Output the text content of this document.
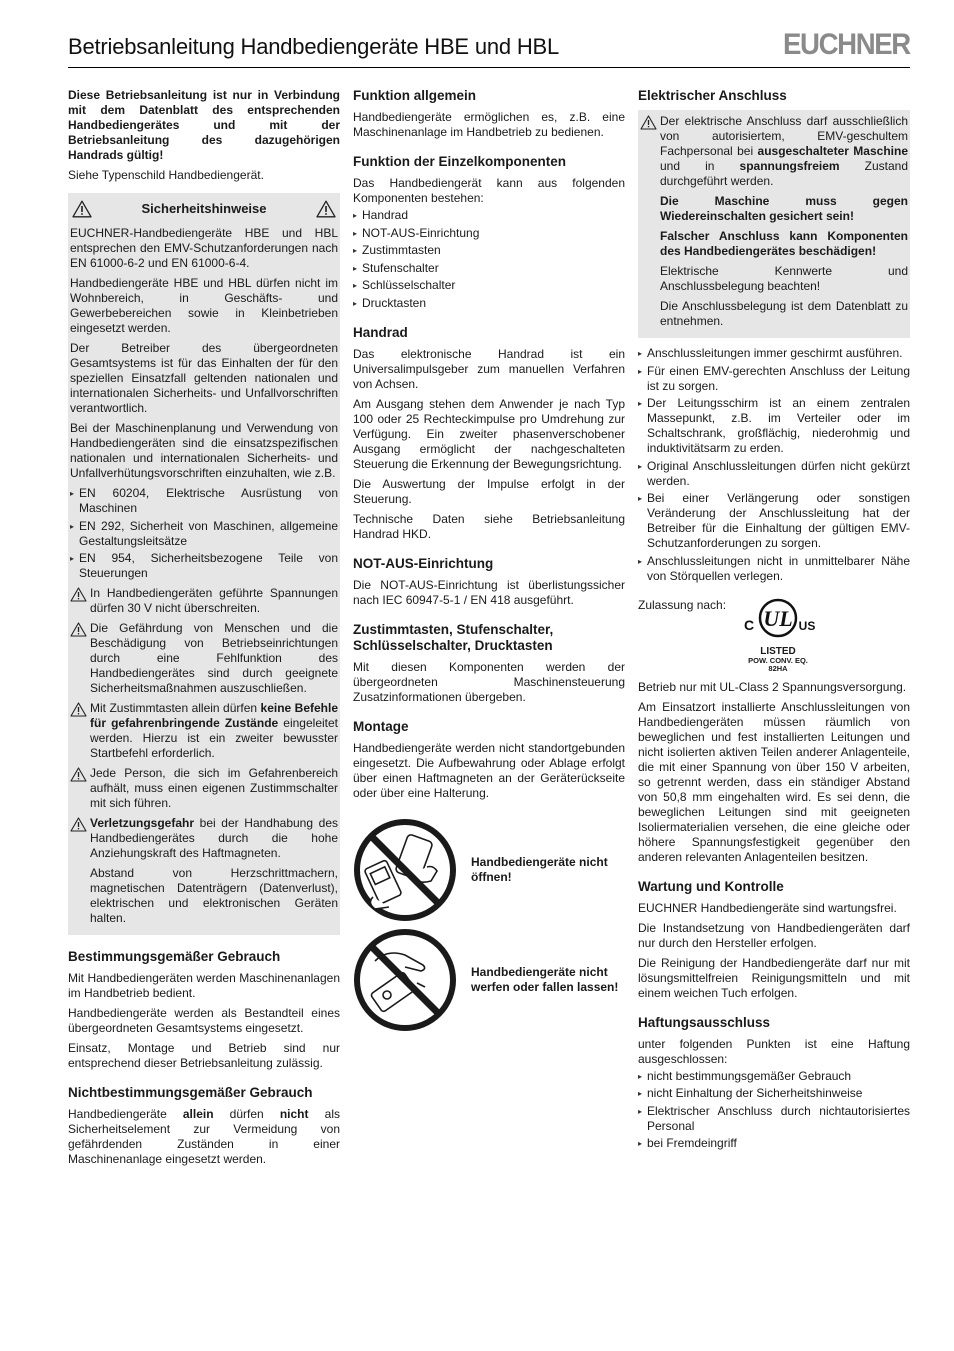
Betriebsanleitung Handbediengeräte HBE und HBL	EUCHNER

Diese Betriebsanleitung ist nur in Verbindung mit dem Datenblatt des entsprechenden Handbediengerätes und mit der Betriebsanleitung des dazugehörigen Handrads gültig!

Siehe Typenschild Handbediengerät.

Sicherheitshinweise

EUCHNER-Handbediengeräte HBE und HBL entsprechen den EMV-Schutzanforderungen nach EN 61000-6-2 und EN 61000-6-4.

Handbediengeräte HBE und HBL dürfen nicht im Wohnbereich, in Geschäfts- und Gewerbebereichen sowie in Kleinbetrieben eingesetzt werden.

Der Betreiber des übergeordneten Gesamtsystems ist für das Einhalten der für den speziellen Einsatzfall geltenden nationalen und internationalen Sicherheits- und Unfallvorschriften verantwortlich.

Bei der Maschinenplanung und Verwendung von Handbediengeräten sind die einsatzspezifischen nationalen und internationalen Sicherheits- und Unfallverhütungsvorschriften einzuhalten, wie z.B.

▸ EN 60204, Elektrische Ausrüstung von Maschinen
▸ EN 292, Sicherheit von Maschinen, allgemeine Gestaltungsleitsätze
▸ EN 954, Sicherheitsbezogene Teile von Steuerungen
In Handbediengeräten geführte Spannungen dürfen 30 V nicht überschreiten.
Die Gefährdung von Menschen und die Beschädigung von Betriebseinrichtungen durch eine Fehlfunktion des Handbediengerätes sind durch geeignete Sicherheitsmaßnahmen auszuschließen.
Mit Zustimmtasten allein dürfen keine Befehle für gefahrenbringende Zustände eingeleitet werden. Hierzu ist ein zweiter bewusster Startbefehl erforderlich.
Jede Person, die sich im Gefahrenbereich aufhält, muss einen eigenen Zustimmschalter mit sich führen.
Verletzungsgefahr bei der Handhabung des Handbediengerätes durch die hohe Anziehungskraft des Haftmagneten.
Abstand von Herzschrittmachern, magnetischen Datenträgern (Datenverlust), elektrischen und elektronischen Geräten halten.
Bestimmungsgemäßer Gebrauch

Mit Handbediengeräten werden Maschinenanlagen im Handbetrieb bedient.

Handbediengeräte werden als Bestandteil eines übergeordneten Gesamtsystems eingesetzt.

Einsatz, Montage und Betrieb sind nur entsprechend dieser Betriebsanleitung zulässig.

Nichtbestimmungsgemäßer Gebrauch

Handbediengeräte allein dürfen nicht als Sicherheitselement zur Vermeidung von gefährdenden Zuständen in einer Maschinenanlage eingesetzt werden.

Funktion allgemein

Handbediengeräte ermöglichen es, z.B. eine Maschinenanlage im Handbetrieb zu bedienen.

Funktion der Einzelkomponenten

Das Handbediengerät kann aus folgenden Komponenten bestehen:

▸ Handrad
▸ NOT-AUS-Einrichtung
▸ Zustimmtasten
▸ Stufenschalter
▸ Schlüsselschalter
▸ Drucktasten
Handrad

Das elektronische Handrad ist ein Universalimpulsgeber zum manuellen Verfahren von Achsen.

Am Ausgang stehen dem Anwender je nach Typ 100 oder 25 Rechteckimpulse pro Umdrehung zur Verfügung. Ein zweiter phasenverschobener Ausgang ermöglicht der nachgeschalteten Steuerung die Erkennung der Bewegungsrichtung.

Die Auswertung der Impulse erfolgt in der Steuerung.

Technische Daten siehe Betriebsanleitung Handrad HKD.

NOT-AUS-Einrichtung

Die NOT-AUS-Einrichtung ist überlistungssicher nach IEC 60947-5-1 / EN 418 ausgeführt.

Zustimmtasten, Stufenschalter, Schlüsselschalter, Drucktasten

Mit diesen Komponenten werden der übergeordneten Maschinensteuerung Zusatzinformationen übergeben.

Montage

Handbediengeräte werden nicht standortgebunden eingesetzt. Die Aufbewahrung oder Ablage erfolgt über einen Haftmagneten an der Geräterückseite oder über eine Halterung.

Handbediengeräte nicht öffnen!
Handbediengeräte nicht werfen oder fallen lassen!
Elektrischer Anschluss
Der elektrische Anschluss darf ausschließlich von autorisiertem, EMV-geschultem Fachpersonal bei ausgeschalteter Maschine und in spannungsfreiem Zustand durchgeführt werden.

Die Maschine muss gegen Wiedereinschalten gesichert sein!

Falscher Anschluss kann Komponenten des Handbediengerätes beschädigen!

Elektrische Kennwerte und Anschlussbelegung beachten!

Die Anschlussbelegung ist dem Datenblatt zu entnehmen.

▸ Anschlussleitungen immer geschirmt ausführen.
▸ Für einen EMV-gerechten Anschluss der Leitung ist zu sorgen.
▸ Der Leitungsschirm ist an einem zentralen Massepunkt, z.B. im Verteiler oder im Schaltschrank, großflächig, niederohmig und induktivitätsarm zu erden.
▸ Original Anschlussleitungen dürfen nicht gekürzt werden.
▸ Bei einer Verlängerung oder sonstigen Veränderung der Anschlussleitung hat der Betreiber für die Einhaltung der gültigen EMV-Schutzanforderungen zu sorgen.
▸ Anschlussleitungen nicht in unmittelbarer Nähe von Störquellen verlegen.
Zulassung nach:
UL
C	US
LISTED
POW. CONV. EQ.
82HA

Betrieb nur mit UL-Class 2 Spannungsversorgung.

Am Einsatzort installierte Anschlussleitungen von Handbediengeräten müssen räumlich von beweglichen und fest installierten Leitungen und nicht isolierten aktiven Teilen anderer Anlagenteile, die mit einer Spannung von über 150 V arbeiten, so getrennt werden, dass ein ständiger Abstand von 50,8 mm eingehalten wird. Es sei denn, die beweglichen Leitungen sind mit geeigneten Isoliermaterialien versehen, die eine gleiche oder höhere Spannungsfestigkeit gegenüber den anderen relevanten Anlagenteilen besitzen.

Wartung und Kontrolle

EUCHNER Handbediengeräte sind wartungsfrei.

Die Instandsetzung von Handbediengeräten darf nur durch den Hersteller erfolgen.

Die Reinigung der Handbediengeräte darf nur mit lösungsmittelfreien Reinigungsmitteln und mit einem weichen Tuch erfolgen.

Haftungsausschluss

unter folgenden Punkten ist eine Haftung ausgeschlossen:

▸ nicht bestimmungsgemäßer Gebrauch
▸ nicht Einhaltung der Sicherheitshinweise
▸ Elektrischer Anschluss durch nichtautorisiertes Personal
▸ bei Fremdeingriff
